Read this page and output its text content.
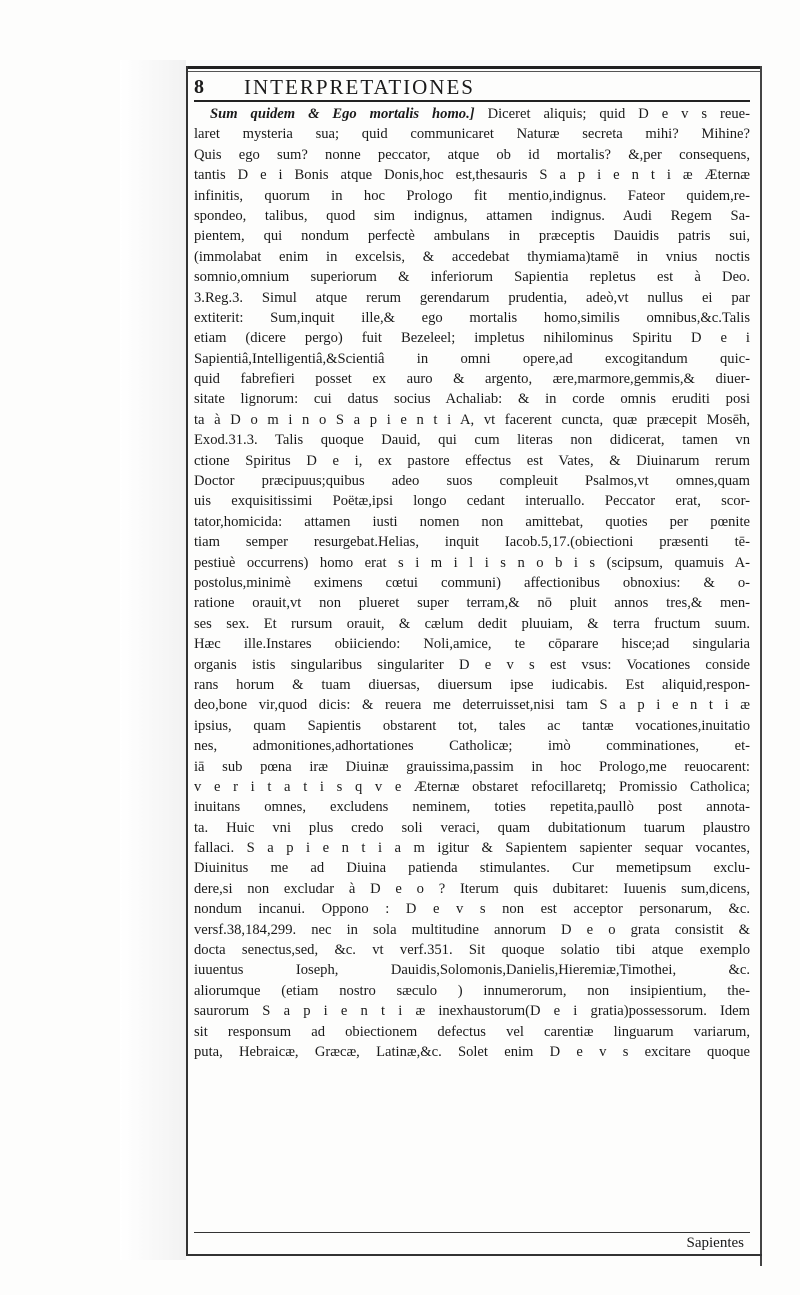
8	INTERPRETATIONES
Sum quidem & Ego mortalis homo.] Diceret aliquis; quid D e v s reue-
laret mysteria sua; quid communicaret Naturæ secreta mihi? Mihine?
Quis ego sum? nonne peccator, atque ob id mortalis? &,per consequens,
tantis D e i Bonis atque Donis,hoc est,thesauris S a p i e n t i æ Æternæ
infinitis, quorum in hoc Prologo fit mentio,indignus. Fateor quidem,re-
spondeo, talibus, quod sim indignus, attamen indignus. Audi Regem Sa-
pientem, qui nondum perfectè ambulans in præceptis Dauidis patris sui,
(immolabat enim in excelsis, & accedebat thymiama)tamē in vnius noctis
somnio,omnium superiorum & inferiorum Sapientia repletus est à Deo.
3.Reg.3. Simul atque rerum gerendarum prudentia, adeò,vt nullus ei par
extiterit: Sum,inquit ille,& ego mortalis homo,similis omnibus,&c.Talis
etiam (dicere pergo) fuit Bezeleel; impletus nihilominus Spiritu D e i
Sapientiâ,Intelligentiâ,&Scientiâ in omni opere,ad excogitandum quic-
quid fabrefieri posset ex auro & argento, ære,marmore,gemmis,& diuer-
sitate lignorum: cui datus socius Achaliab: & in corde omnis eruditi posi
ta à D o m i n o S a p i e n t i A, vt facerent cuncta, quæ præcepit Mosēh,
Exod.31.3. Talis quoque Dauid, qui cum literas non didicerat, tamen vn
ctione Spiritus D e i, ex pastore effectus est Vates, & Diuinarum rerum
Doctor præcipuus;quibus adeo suos compleuit Psalmos,vt omnes,quam
uis exquisitissimi Poëtæ,ipsi longo cedant interuallo. Peccator erat, scor-
tator,homicida: attamen iusti nomen non amittebat, quoties per pœnite
tiam semper resurgebat.Helias, inquit Iacob.5,17.(obiectioni præsenti tē-
pestiuè occurrens) homo erat s i m i l i s n o b i s (scipsum, quamuis A-
postolus,minimè eximens cœtui communi) affectionibus obnoxius: & o-
ratione orauit,vt non plueret super terram,& nō pluit annos tres,& men-
ses sex. Et rursum orauit, & cælum dedit pluuiam, & terra fructum suum.
Hæc ille.Instares obiiciendo: Noli,amice, te cōparare hisce;ad singularia
organis istis singularibus singulariter D e v s est vsus: Vocationes conside
rans horum & tuam diuersas, diuersum ipse iudicabis. Est aliquid,respon-
deo,bone vir,quod dicis: & reuera me deterruisset,nisi tam S a p i e n t i æ
ipsius, quam Sapientis obstarent tot, tales ac tantæ vocationes,inuitatio
nes, admonitiones,adhortationes Catholicæ; imò comminationes, et-
iā sub pœna iræ Diuinæ grauissima,passim in hoc Prologo,me reuocarent:
v e r i t a t i s q v e Æternæ obstaret refocillaretq; Promissio Catholica;
inuitans omnes, excludens neminem, toties repetita,paullò post annota-
ta. Huic vni plus credo soli veraci, quam dubitationum tuarum plaustro
fallaci. S a p i e n t i a m igitur & Sapientem sapienter sequar vocantes,
Diuinitus me ad Diuina patienda stimulantes. Cur memetipsum exclu-
dere,si non excludar à D e o ? Iterum quis dubitaret: Iuuenis sum,dicens,
nondum incanui. Oppono : D e v s non est acceptor personarum, &c.
versf.38,184,299. nec in sola multitudine annorum D e o grata consistit &
docta senectus,sed, &c. vt verf.351. Sit quoque solatio tibi atque exemplo
iuuentus Ioseph, Dauidis,Solomonis,Danielis,Hieremiæ,Timothei, &c.
aliorumque (etiam nostro sæculo ) innumerorum, non insipientium, the-
saurorum S a p i e n t i æ inexhaustorum(D e i gratia)possessorum. Idem
sit responsum ad obiectionem defectus vel carentiæ linguarum variarum,
puta, Hebraicæ, Græcæ, Latinæ,&c. Solet enim D e v s excitare quoque
Sapientes
